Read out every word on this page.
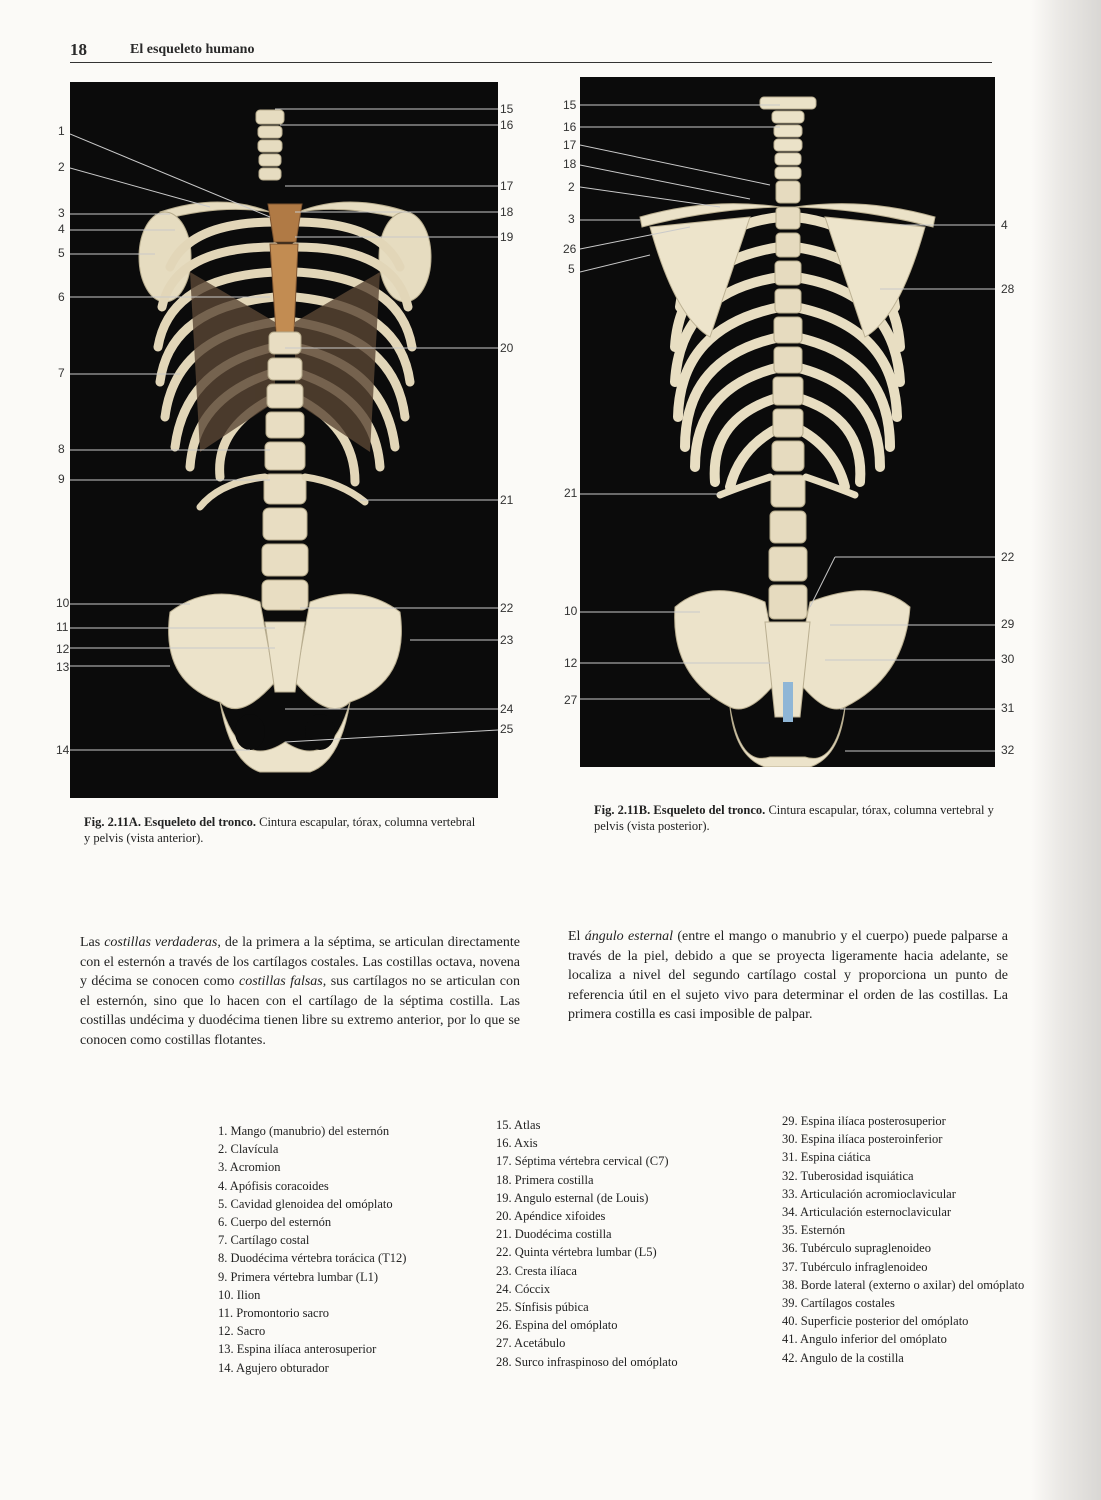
18	El esqueleto humano
1
2
3
4
5
6
7
8
9
10
11
12
13
14
15
16
17
18
19
20
21
22
23
24
25
Fig. 2.11A. Esqueleto del tronco. Cintura escapular, tórax, columna vertebral y pelvis (vista anterior).
15
16
17
18
2
3
26
5
21
10
12
27
4
28
22
29
30
31
32
Fig. 2.11B. Esqueleto del tronco. Cintura escapular, tórax, columna vertebral y pelvis (vista posterior).
Las costillas verdaderas, de la primera a la séptima, se articulan directamente con el esternón a través de los cartílagos costales. Las costillas octava, novena y décima se conocen como costillas falsas, sus cartílagos no se articulan con el esternón, sino que lo hacen con el cartílago de la séptima costilla. Las costillas undécima y duodécima tienen libre su extremo anterior, por lo que se conocen como costillas flotantes.
El ángulo esternal (entre el mango o manubrio y el cuerpo) puede palparse a través de la piel, debido a que se proyecta ligeramente hacia adelante, se localiza a nivel del segundo cartílago costal y proporciona un punto de referencia útil en el sujeto vivo para determinar el orden de las costillas. La primera costilla es casi imposible de palpar.
1. Mango (manubrio) del esternón
2. Clavícula
3. Acromion
4. Apófisis coracoides
5. Cavidad glenoidea del omóplato
6. Cuerpo del esternón
7. Cartílago costal
8. Duodécima vértebra torácica (T12)
9. Primera vértebra lumbar (L1)
10. Ilion
11. Promontorio sacro
12. Sacro
13. Espina ilíaca anterosuperior
14. Agujero obturador
15. Atlas
16. Axis
17. Séptima vértebra cervical (C7)
18. Primera costilla
19. Angulo esternal (de Louis)
20. Apéndice xifoides
21. Duodécima costilla
22. Quinta vértebra lumbar (L5)
23. Cresta ilíaca
24. Cóccix
25. Sínfisis púbica
26. Espina del omóplato
27. Acetábulo
28. Surco infraspinoso del omóplato
29. Espina ilíaca posterosuperior
30. Espina ilíaca posteroinferior
31. Espina ciática
32. Tuberosidad isquiática
33. Articulación acromioclavicular
34. Articulación esternoclavicular
35. Esternón
36. Tubérculo supraglenoideo
37. Tubérculo infraglenoideo
38. Borde lateral (externo o axilar) del omóplato
39. Cartílagos costales
40. Superficie posterior del omóplato
41. Angulo inferior del omóplato
42. Angulo de la costilla
